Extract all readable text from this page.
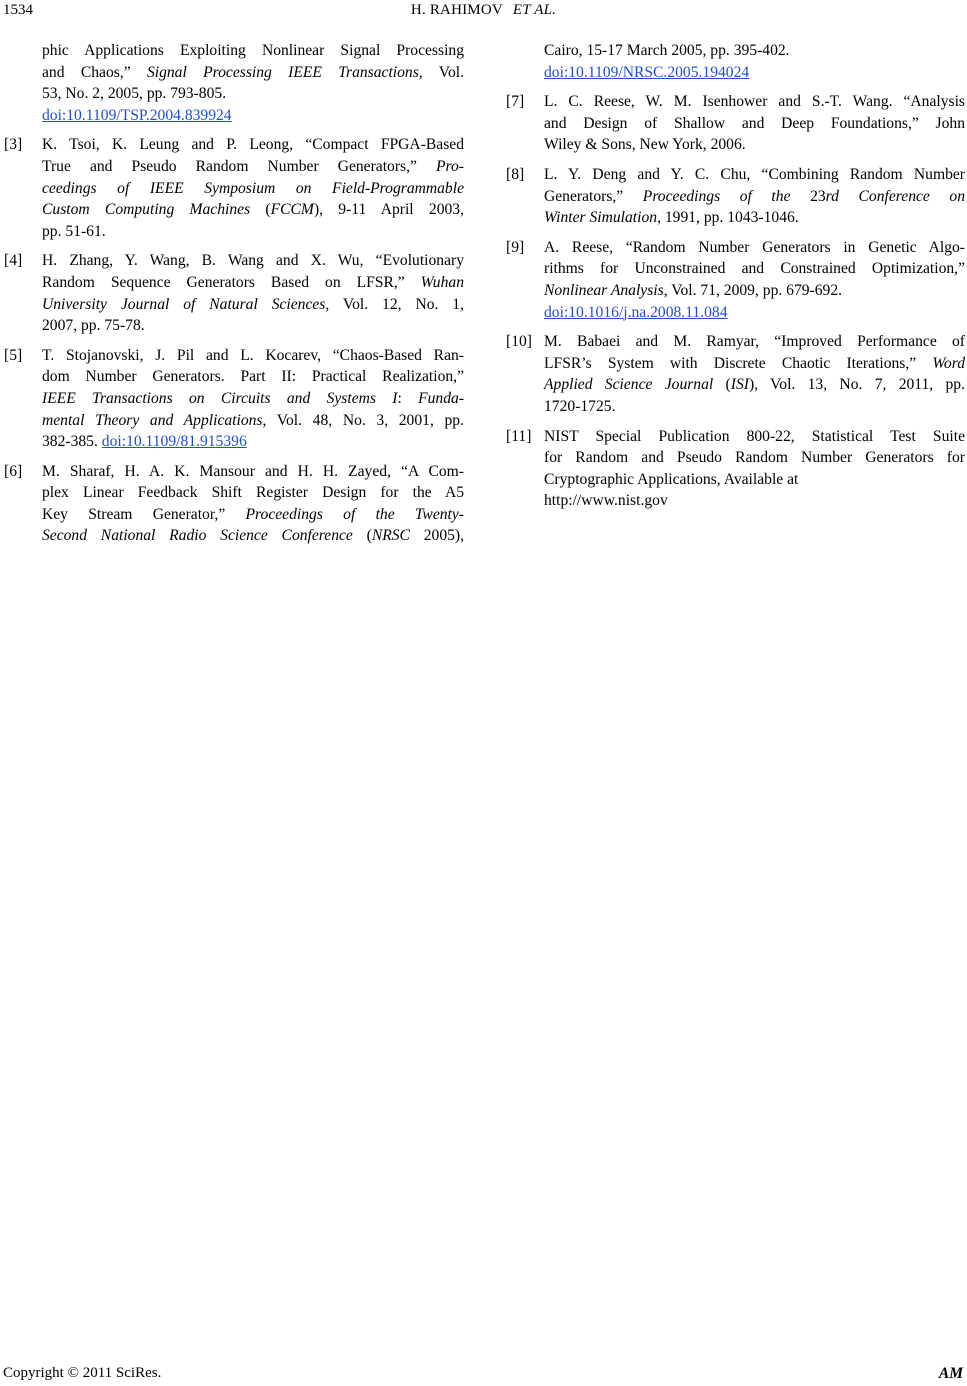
1534	H. RAHIMOV ET AL.
phic Applications Exploiting Nonlinear Signal Processing
and Chaos,” Signal Processing IEEE Transactions, Vol.
53, No. 2, 2005, pp. 793-805.
doi:10.1109/TSP.2004.839924
[3] K. Tsoi, K. Leung and P. Leong, “Compact FPGA-Based
True and Pseudo Random Number Generators,” Pro-
ceedings of IEEE Symposium on Field-Programmable
Custom Computing Machines (FCCM), 9-11 April 2003,
pp. 51-61.
[4] H. Zhang, Y. Wang, B. Wang and X. Wu, “Evolutionary
Random Sequence Generators Based on LFSR,” Wuhan
University Journal of Natural Sciences, Vol. 12, No. 1,
2007, pp. 75-78.
[5] T. Stojanovski, J. Pil and L. Kocarev, “Chaos-Based Ran-
dom Number Generators. Part II: Practical Realization,”
IEEE Transactions on Circuits and Systems I: Funda-
mental Theory and Applications, Vol. 48, No. 3, 2001, pp.
382-385. doi:10.1109/81.915396
[6] M. Sharaf, H. A. K. Mansour and H. H. Zayed, “A Com-
plex Linear Feedback Shift Register Design for the A5
Key Stream Generator,” Proceedings of the Twenty-
Second National Radio Science Conference (NRSC 2005),
Cairo, 15-17 March 2005, pp. 395-402.
doi:10.1109/NRSC.2005.194024
[7] L. C. Reese, W. M. Isenhower and S.-T. Wang. “Analysis
and Design of Shallow and Deep Foundations,” John
Wiley & Sons, New York, 2006.
[8] L. Y. Deng and Y. C. Chu, “Combining Random Number
Generators,” Proceedings of the 23rd Conference on
Winter Simulation, 1991, pp. 1043-1046.
[9] A. Reese, “Random Number Generators in Genetic Algo-
rithms for Unconstrained and Constrained Optimization,”
Nonlinear Analysis, Vol. 71, 2009, pp. 679-692.
doi:10.1016/j.na.2008.11.084
[10] M. Babaei and M. Ramyar, “Improved Performance of
LFSR’s System with Discrete Chaotic Iterations,” Word
Applied Science Journal (ISI), Vol. 13, No. 7, 2011, pp.
1720-1725.
[11] NIST Special Publication 800-22, Statistical Test Suite
for Random and Pseudo Random Number Generators for
Cryptographic Applications, Available at
http://www.nist.gov
Copyright © 2011 SciRes.	AM
